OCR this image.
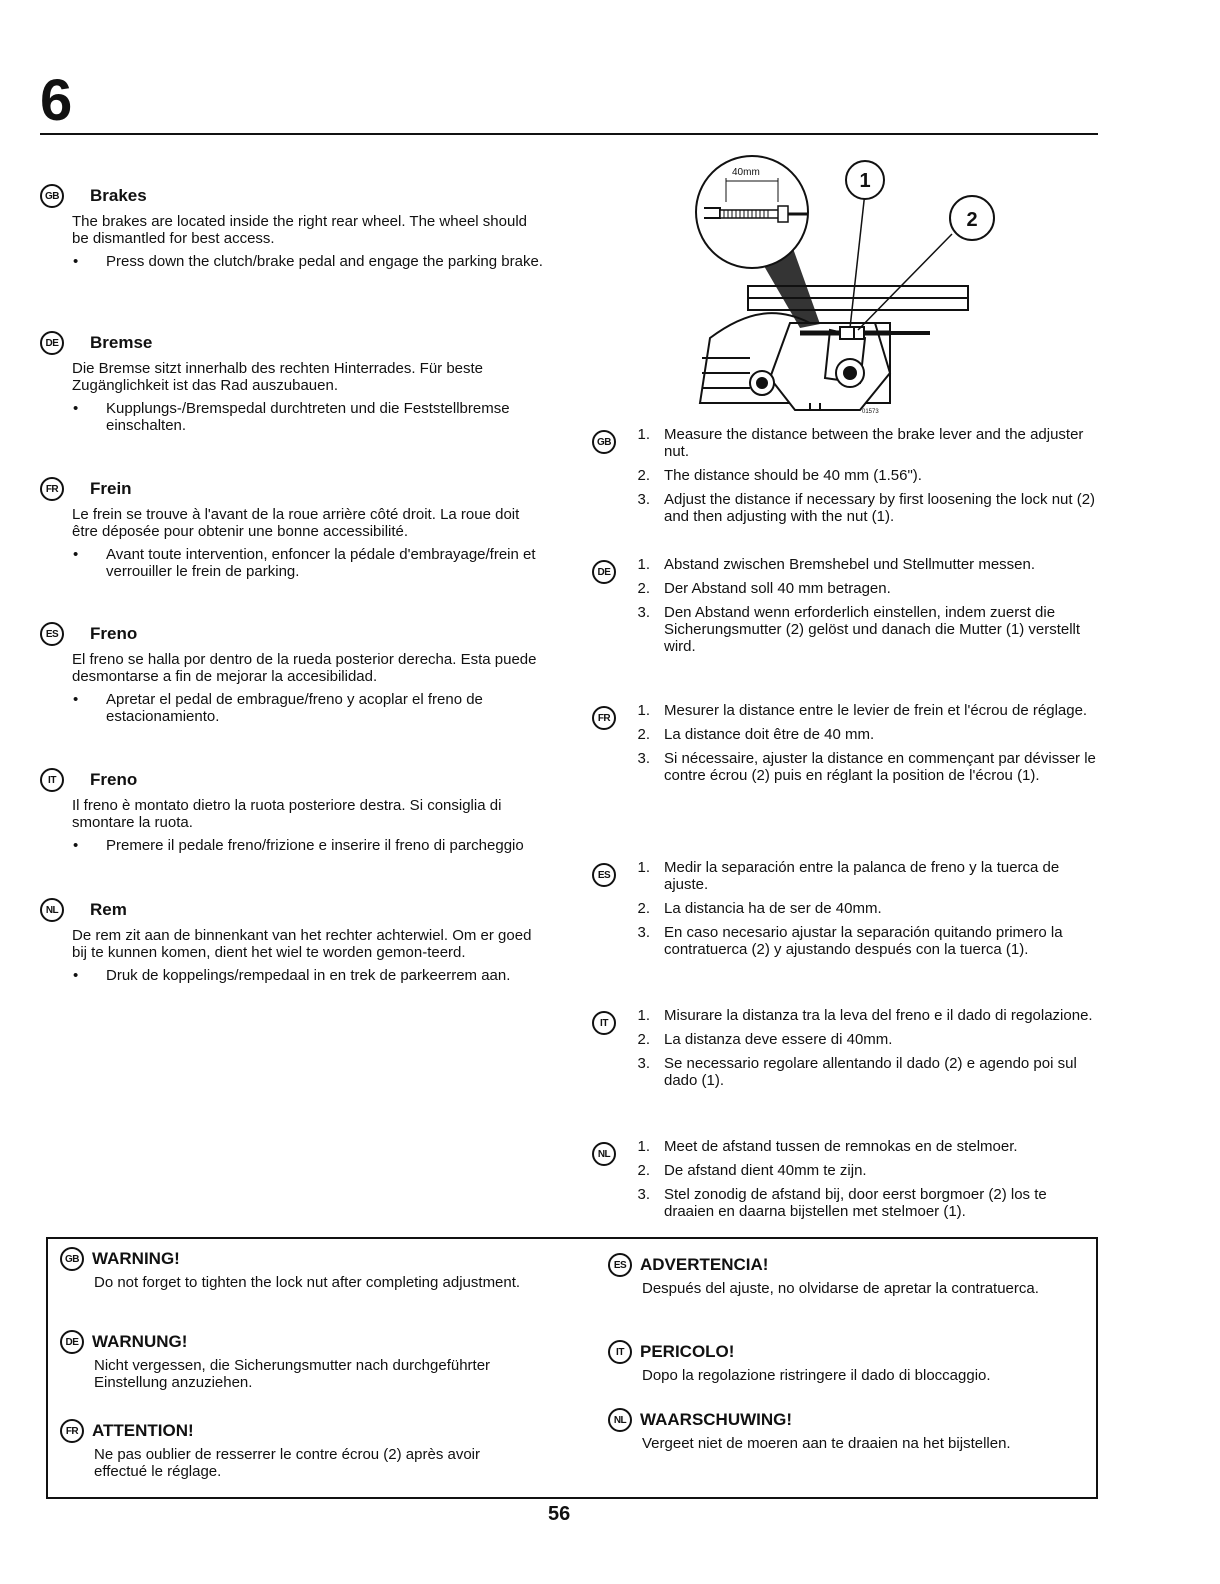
6
GB Brakes
The brakes are located inside the right rear wheel. The wheel should be dismantled for best access.
• Press down the clutch/brake pedal and engage the parking brake.
DE	Bremse
Die Bremse sitzt innerhalb des rechten Hinterrades. Für beste Zugänglichkeit ist das Rad auszubauen.
• Kupplungs-/Bremspedal durchtreten und die Feststellbremse einschalten.
FR	Frein
Le frein se trouve à l'avant de la roue arrière côté droit. La roue doit être déposée pour obtenir une bonne accessibilité.
• Avant toute intervention, enfoncer la pédale d'embrayage/frein et verrouiller le frein de parking.
ES	Freno
El freno se halla por dentro de la rueda posterior derecha. Esta puede desmontarse a fin de mejorar la accesibilidad.
• Apretar el pedal de embrague/freno y acoplar el freno de estacionamiento.
IT	Freno
Il freno è montato dietro la ruota posteriore destra. Si consiglia di smontare la ruota.
• Premere il pedale freno/frizione e inserire il freno di parcheggio
NL	Rem
De rem zit aan de binnenkant van het rechter achterwiel. Om er goed bij te kunnen komen, dient het wiel te worden gemon-teerd.
• Druk de koppelings/rempedaal in en trek de parkeerrem aan.
40mm	1
2
01573
GB	1. Measure the distance between the brake lever and the adjuster nut.
2. The distance should be 40 mm (1.56").
3. Adjust the distance if necessary by first loosening the lock nut (2) and then adjusting with the nut (1).
DE	1. Abstand zwischen Bremshebel und Stellmutter messen.
2. Der Abstand soll 40 mm betragen.
3. Den Abstand wenn erforderlich einstellen, indem zuerst die Sicherungsmutter (2) gelöst und danach die Mutter (1) verstellt wird.
FR	1. Mesurer la distance entre le levier de frein et l'écrou de réglage.
2. La distance doit être de 40 mm.
3. Si nécessaire, ajuster la distance en commençant par dévisser le contre écrou (2) puis en réglant la position de l'écrou (1).
ES	1. Medir la separación entre la palanca de freno y la tuerca de ajuste.
2. La distancia ha de ser de 40mm.
3. En caso necesario ajustar la separación quitando primero la contratuerca (2) y ajustando después con la tuerca (1).
IT	1. Misurare la distanza tra la leva del freno e il dado di regolazione.
2. La distanza deve essere di 40mm.
3. Se necessario regolare allentando il dado (2) e agendo poi sul dado (1).
NL	1. Meet de afstand tussen de remnokas en de stelmoer.
2. De afstand dient 40mm te zijn.
3. Stel zonodig de afstand bij, door eerst borgmoer (2) los te draaien en daarna bijstellen met stelmoer (1).
GB WARNING!
Do not forget to tighten the lock nut after completing adjustment.
DE WARNUNG!
Nicht vergessen, die Sicherungsmutter nach durchgeführter Einstellung anzuziehen.
FR ATTENTION!
Ne pas oublier de resserrer le contre écrou (2) après avoir effectué le réglage.
ES ADVERTENCIA!
Después del ajuste, no olvidarse de apretar la contratuerca.
IT PERICOLO!
Dopo la regolazione ristringere il dado di bloccaggio.
NL WAARSCHUWING!
Vergeet niet de moeren aan te draaien na het bijstellen.
56
